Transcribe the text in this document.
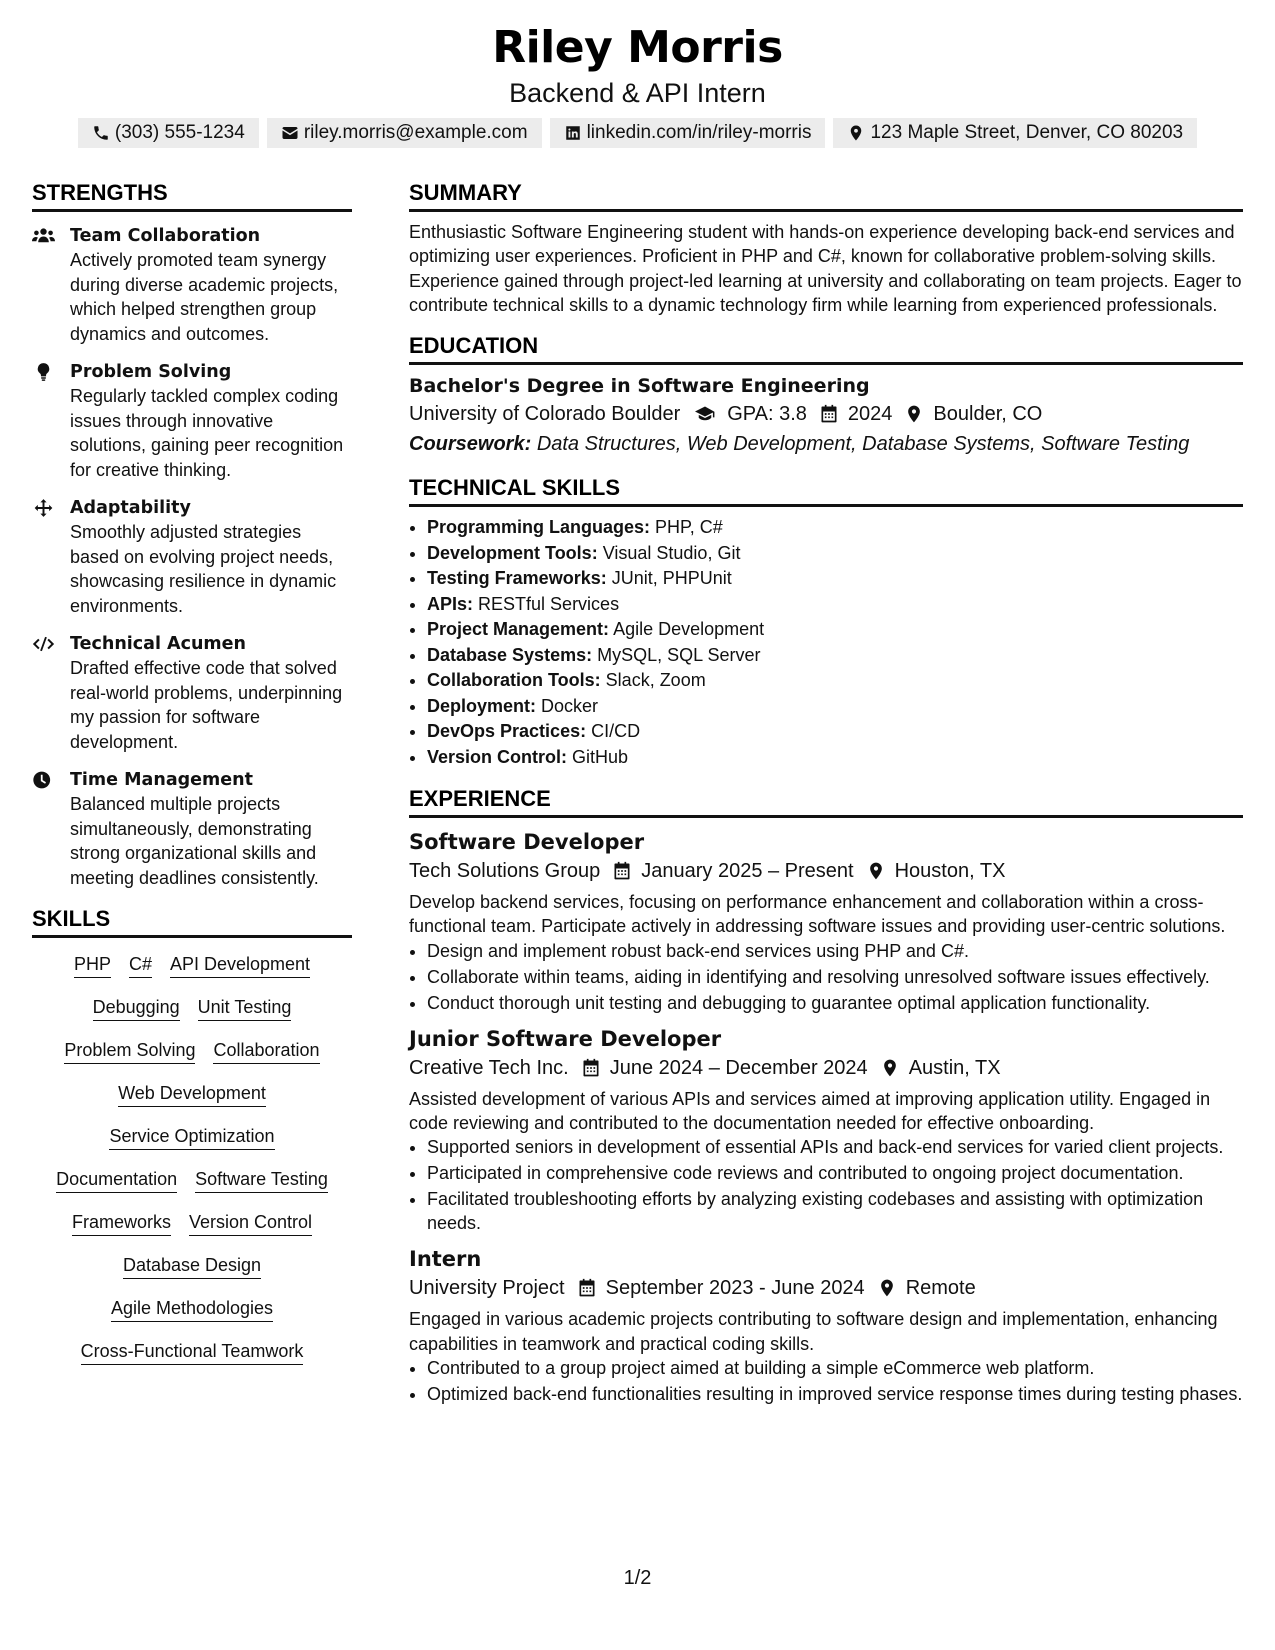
Riley Morris
Backend & API Intern
(303) 555-1234	riley.morris@example.com	linkedin.com/in/riley-morris	123 Maple Street, Denver, CO 80203
STRENGTHS
Team Collaboration
Actively promoted team synergy during diverse academic projects, which helped strengthen group dynamics and outcomes.
Problem Solving
Regularly tackled complex coding issues through innovative solutions, gaining peer recognition for creative thinking.
Adaptability
Smoothly adjusted strategies based on evolving project needs, showcasing resilience in dynamic environments.
Technical Acumen
Drafted effective code that solved real-world problems, underpinning my passion for software development.
Time Management
Balanced multiple projects simultaneously, demonstrating strong organizational skills and meeting deadlines consistently.
SKILLS
PHP C# API Development
Debugging Unit Testing
Problem Solving Collaboration
Web Development
Service Optimization
Documentation Software Testing
Frameworks Version Control
Database Design
Agile Methodologies
Cross-Functional Teamwork
SUMMARY
Enthusiastic Software Engineering student with hands-on experience developing back-end services and optimizing user experiences. Proficient in PHP and C#, known for collaborative problem-solving skills. Experience gained through project-led learning at university and collaborating on team projects. Eager to contribute technical skills to a dynamic technology firm while learning from experienced professionals.
EDUCATION
Bachelor's Degree in Software Engineering
University of Colorado Boulder GPA: 3.8 2024 Boulder, CO
Coursework: Data Structures, Web Development, Database Systems, Software Testing
TECHNICAL SKILLS
• Programming Languages: PHP, C#
• Development Tools: Visual Studio, Git
• Testing Frameworks: JUnit, PHPUnit
• APIs: RESTful Services
• Project Management: Agile Development
• Database Systems: MySQL, SQL Server
• Collaboration Tools: Slack, Zoom
• Deployment: Docker
• DevOps Practices: CI/CD
• Version Control: GitHub
EXPERIENCE
Software Developer
Tech Solutions Group January 2025 – Present Houston, TX
Develop backend services, focusing on performance enhancement and collaboration within a cross-functional team. Participate actively in addressing software issues and providing user-centric solutions.
• Design and implement robust back-end services using PHP and C#.
• Collaborate within teams, aiding in identifying and resolving unresolved software issues effectively.
• Conduct thorough unit testing and debugging to guarantee optimal application functionality.
Junior Software Developer
Creative Tech Inc. June 2024 – December 2024 Austin, TX
Assisted development of various APIs and services aimed at improving application utility. Engaged in code reviewing and contributed to the documentation needed for effective onboarding.
• Supported seniors in development of essential APIs and back-end services for varied client projects.
• Participated in comprehensive code reviews and contributed to ongoing project documentation.
• Facilitated troubleshooting efforts by analyzing existing codebases and assisting with optimization needs.
Intern
University Project September 2023 - June 2024 Remote
Engaged in various academic projects contributing to software design and implementation, enhancing capabilities in teamwork and practical coding skills.
• Contributed to a group project aimed at building a simple eCommerce web platform.
• Optimized back-end functionalities resulting in improved service response times during testing phases.
1/2
